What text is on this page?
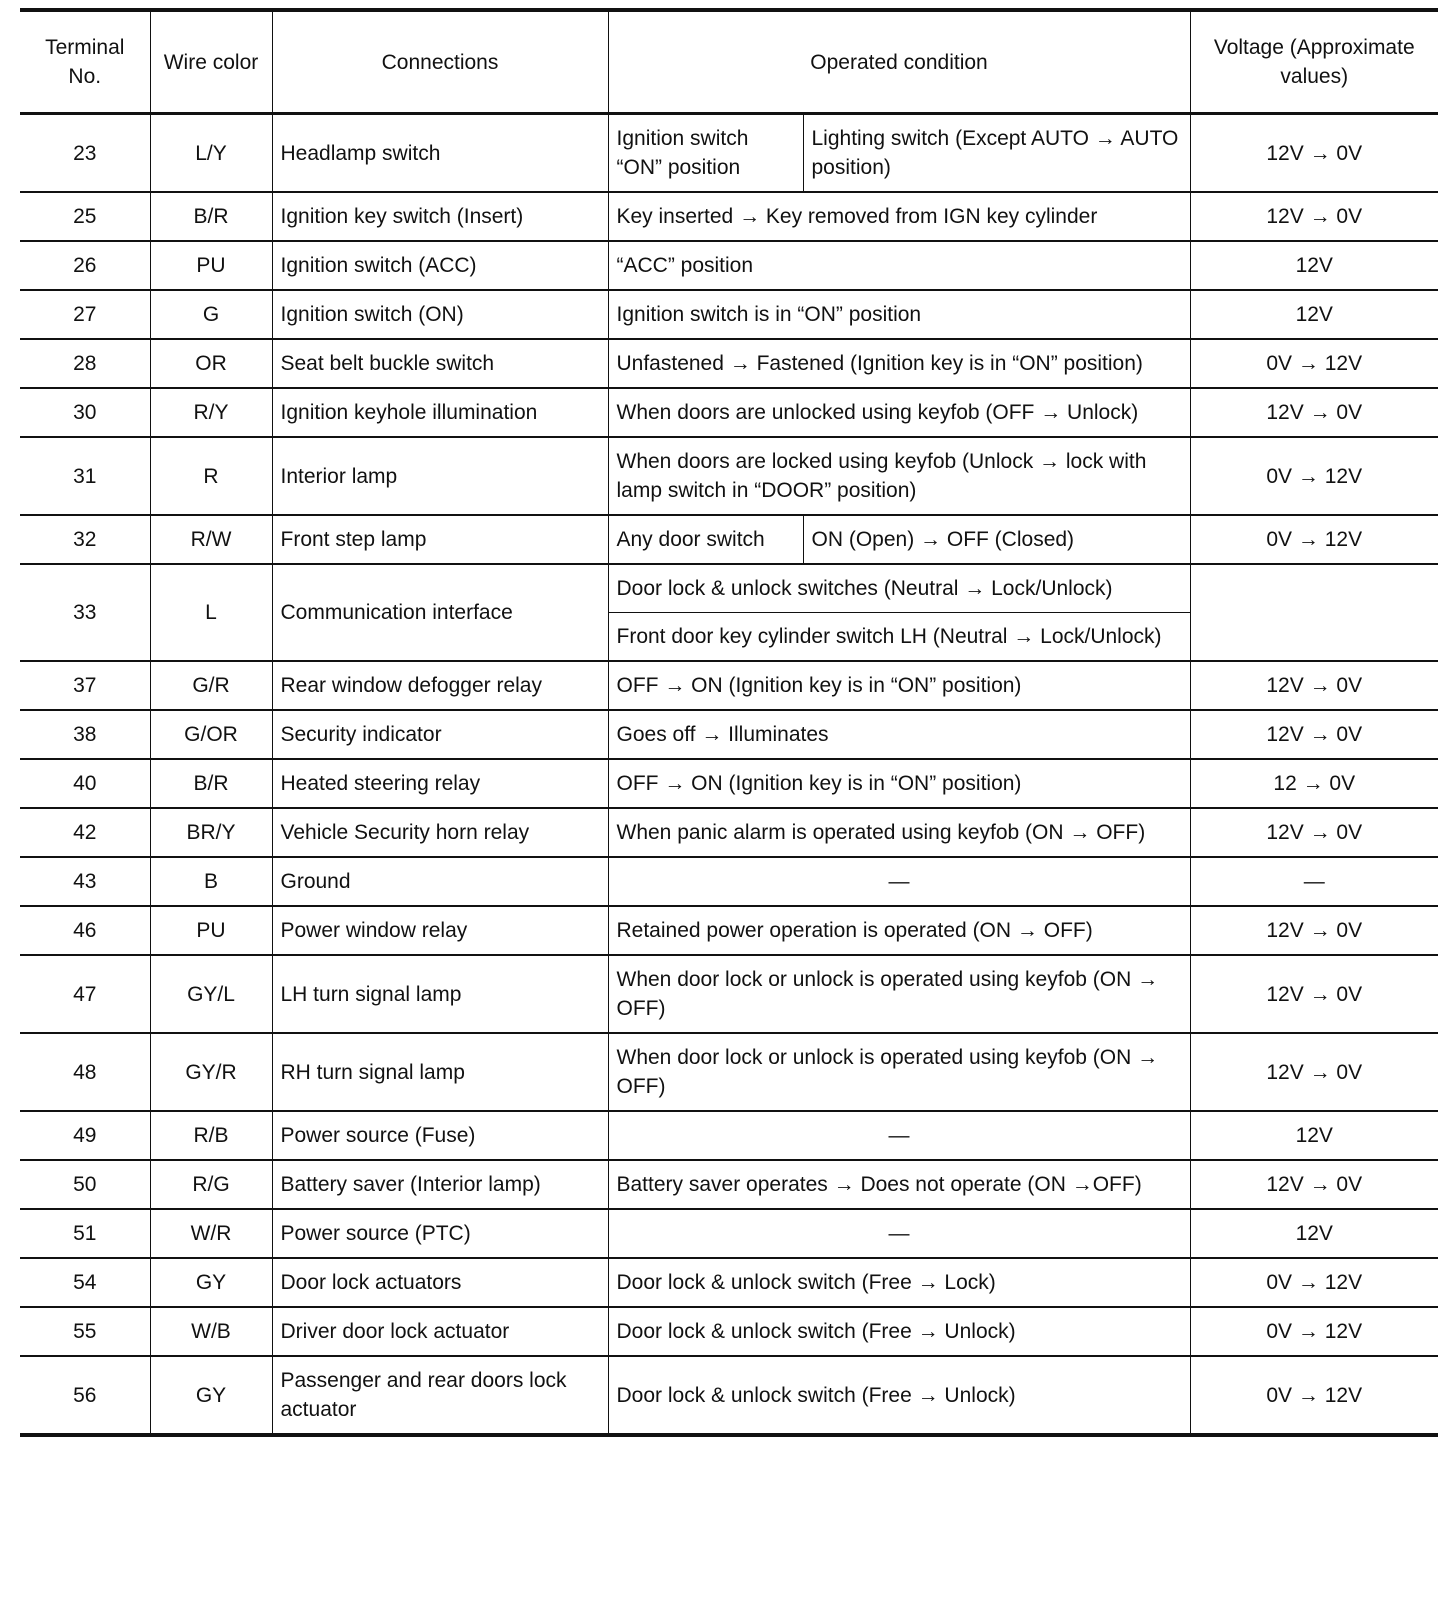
Terminal No.	Wire color	Connections	Operated condition		Voltage (Approximate values)
23	L/Y	Headlamp switch	Ignition switch “ON” position	Lighting switch (Except AUTO → AUTO position)	12V → 0V
25	B/R	Ignition key switch (Insert)	Key inserted → Key removed from IGN key cylinder		12V → 0V
26	PU	Ignition switch (ACC)	“ACC” position		12V
27	G	Ignition switch (ON)	Ignition switch is in “ON” position		12V
28	OR	Seat belt buckle switch	Unfastened → Fastened (Ignition key is in “ON” position)		0V → 12V
30	R/Y	Ignition keyhole illumination	When doors are unlocked using keyfob (OFF → Unlock)		12V → 0V
31	R	Interior lamp	When doors are locked using keyfob (Unlock → lock with lamp switch in “DOOR” position)		0V → 12V
32	R/W	Front step lamp	Any door switch	ON (Open) → OFF (Closed)	0V → 12V
33	L	Communication interface	Door lock & unlock switches (Neutral → Lock/Unlock)		
			Front door key cylinder switch LH (Neutral → Lock/Unlock)		
37	G/R	Rear window defogger relay	OFF → ON (Ignition key is in “ON” position)		12V → 0V
38	G/OR	Security indicator	Goes off → Illuminates		12V → 0V
40	B/R	Heated steering relay	OFF → ON (Ignition key is in “ON” position)		12 → 0V
42	BR/Y	Vehicle Security horn relay	When panic alarm is operated using keyfob (ON → OFF)		12V → 0V
43	B	Ground	—		—
46	PU	Power window relay	Retained power operation is operated (ON → OFF)		12V → 0V
47	GY/L	LH turn signal lamp	When door lock or unlock is operated using keyfob (ON → OFF)		12V → 0V
48	GY/R	RH turn signal lamp	When door lock or unlock is operated using keyfob (ON → OFF)		12V → 0V
49	R/B	Power source (Fuse)	—		12V
50	R/G	Battery saver (Interior lamp)	Battery saver operates → Does not operate (ON →OFF)		12V → 0V
51	W/R	Power source (PTC)	—		12V
54	GY	Door lock actuators	Door lock & unlock switch (Free → Lock)		0V → 12V
55	W/B	Driver door lock actuator	Door lock & unlock switch (Free → Unlock)		0V → 12V
56	GY	Passenger and rear doors lock actuator	Door lock & unlock switch (Free → Unlock)		0V → 12V
